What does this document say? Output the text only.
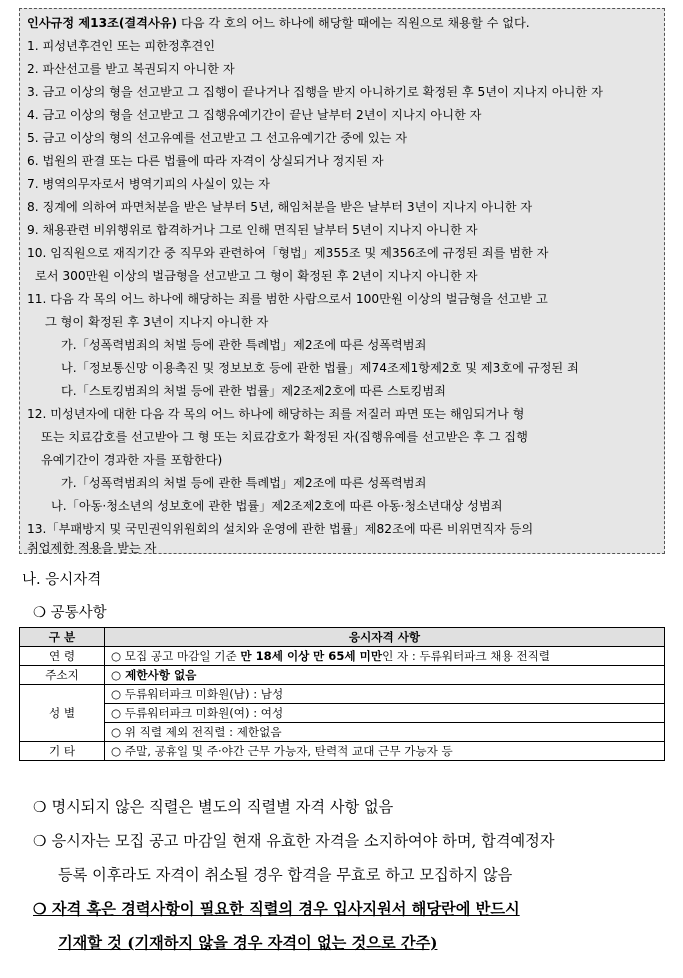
인사규정 제13조(결격사유) 다음 각 호의 어느 하나에 해당할 때에는 직원으로 채용할 수 없다.
1. 피성년후견인 또는 피한정후견인
2. 파산선고를 받고 복권되지 아니한 자
3. 금고 이상의 형을 선고받고 그 집행이 끝나거나 집행을 받지 아니하기로 확정된 후 5년이 지나지 아니한 자
4. 금고 이상의 형을 선고받고 그 집행유예기간이 끝난 날부터 2년이 지나지 아니한 자
5. 금고 이상의 형의 선고유예를 선고받고 그 선고유예기간 중에 있는 자
6. 법원의 판결 또는 다른 법률에 따라 자격이 상실되거나 정지된 자
7. 병역의무자로서 병역기피의 사실이 있는 자
8. 징계에 의하여 파면처분을 받은 날부터 5년, 해임처분을 받은 날부터 3년이 지나지 아니한 자
9. 채용관련 비위행위로 합격하거나 그로 인해 면직된 날부터 5년이 지나지 아니한 자
10. 임직원으로 재직기간 중 직무와 관련하여「형법」제355조 및 제356조에 규정된 죄를 범한 자
로서 300만원 이상의 벌금형을 선고받고 그 형이 확정된 후 2년이 지나지 아니한 자
11. 다음 각 목의 어느 하나에 해당하는 죄를 범한 사람으로서 100만원 이상의 벌금형을 선고받 고
그 형이 확정된 후 3년이 지나지 아니한 자
가.「성폭력범죄의 처벌 등에 관한 특례법」제2조에 따른 성폭력범죄
나.「정보통신망 이용촉진 및 정보보호 등에 관한 법률」제74조제1항제2호 및 제3호에 규정된 죄
다.「스토킹범죄의 처벌 등에 관한 법률」제2조제2호에 따른 스토킹범죄
12. 미성년자에 대한 다음 각 목의 어느 하나에 해당하는 죄를 저질러 파면 또는 해임되거나 형
또는 치료감호를 선고받아 그 형 또는 치료감호가 확정된 자(집행유예를 선고받은 후 그 집행
유예기간이 경과한 자를 포함한다)
가.「성폭력범죄의 처벌 등에 관한 특례법」제2조에 따른 성폭력범죄
나.「아동·청소년의 성보호에 관한 법률」제2조제2호에 따른 아동·청소년대상 성범죄
13.「부패방지 및 국민권익위원회의 설치와 운영에 관한 법률」제82조에 따른 비위면직자 등의
취업제한 적용을 받는 자
나. 응시자격
❍ 공통사항
구 분	응시자격 사항
연 령	○ 모집 공고 마감일 기준 만 18세 이상 만 65세 미만인 자 : 두류워터파크 채용 전직렬
주소지	○ 제한사항 없음
성 별	○ 두류워터파크 미화원(남) : 남성
	○ 두류워터파크 미화원(여) : 여성
	○ 위 직렬 제외 전직렬 : 제한없음
기 타	○ 주말, 공휴일 및 주·야간 근무 가능자, 탄력적 교대 근무 가능자 등
❍ 명시되지 않은 직렬은 별도의 직렬별 자격 사항 없음
❍ 응시자는 모집 공고 마감일 현재 유효한 자격을 소지하여야 하며, 합격예정자
등록 이후라도 자격이 취소될 경우 합격을 무효로 하고 모집하지 않음
❍ 자격 혹은 경력사항이 필요한 직렬의 경우 입사지원서 해당란에 반드시
기재할 것 (기재하지 않을 경우 자격이 없는 것으로 간주)
